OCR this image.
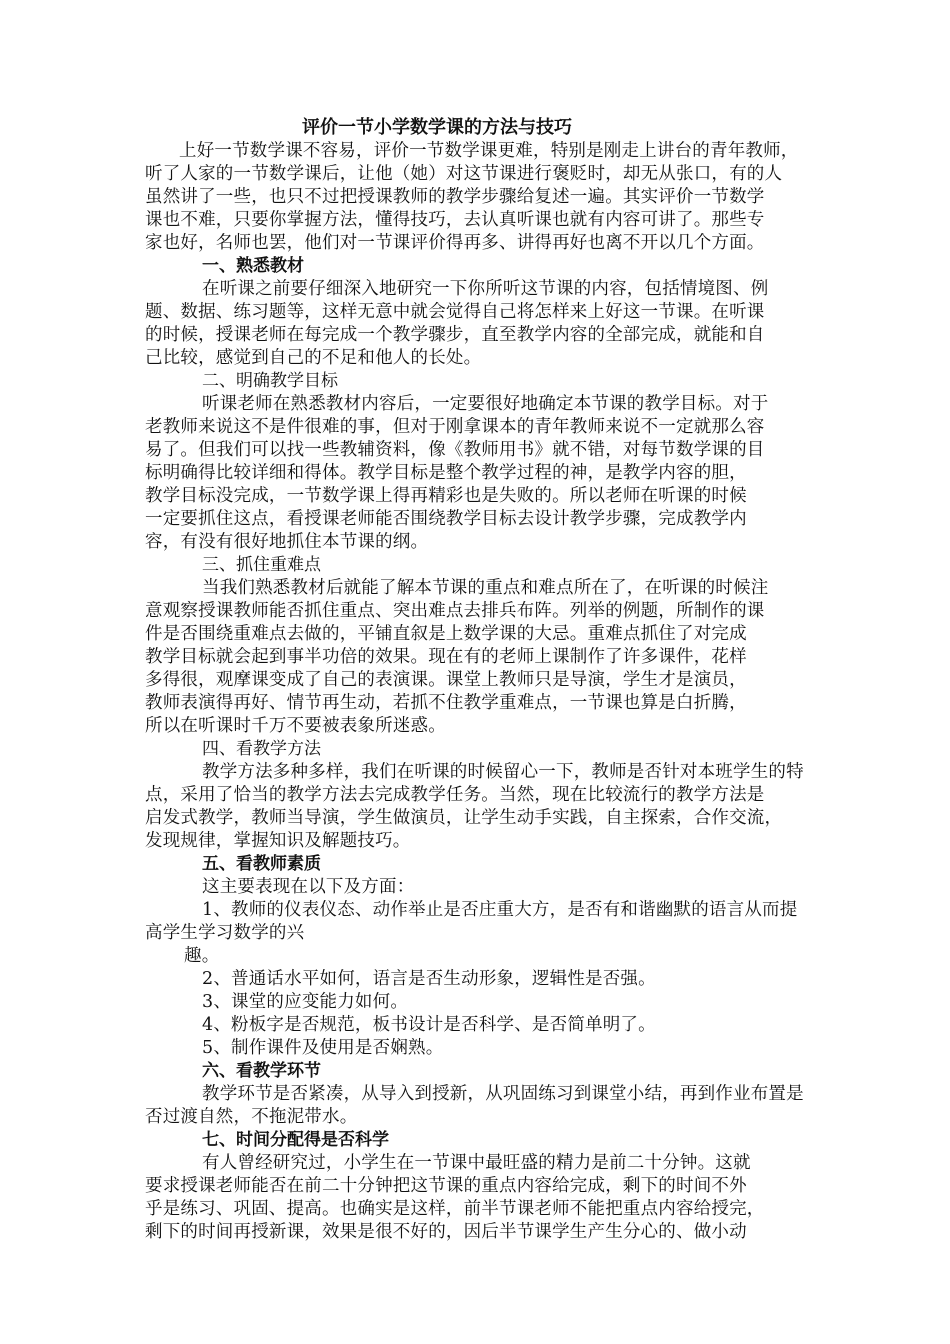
评价一节小学数学课的方法与技巧
上好一节数学课不容易，评价一节数学课更难，特别是刚走上讲台的青年教师，
听了人家的一节数学课后，让他（她）对这节课进行褒贬时，却无从张口，有的人
虽然讲了一些，也只不过把授课教师的教学步骤给复述一遍。其实评价一节数学
课也不难，只要你掌握方法，懂得技巧，去认真听课也就有内容可讲了。那些专
家也好，名师也罢，他们对一节课评价得再多、讲得再好也离不开以几个方面。
一、熟悉教材
在听课之前要仔细深入地研究一下你所听这节课的内容，包括情境图、例
题、数据、练习题等，这样无意中就会觉得自己将怎样来上好这一节课。在听课
的时候，授课老师在每完成一个教学骤步，直至教学内容的全部完成，就能和自
己比较，感觉到自己的不足和他人的长处。
二、明确教学目标
听课老师在熟悉教材内容后，一定要很好地确定本节课的教学目标。对于
老教师来说这不是件很难的事，但对于刚拿课本的青年教师来说不一定就那么容
易了。但我们可以找一些教辅资料，像《教师用书》就不错，对每节数学课的目
标明确得比较详细和得体。教学目标是整个教学过程的神，是教学内容的胆，
教学目标没完成，一节数学课上得再精彩也是失败的。所以老师在听课的时候
一定要抓住这点，看授课老师能否围绕教学目标去设计教学步骤，完成教学内
容，有没有很好地抓住本节课的纲。
三、抓住重难点
当我们熟悉教材后就能了解本节课的重点和难点所在了，在听课的时候注
意观察授课教师能否抓住重点、突出难点去排兵布阵。列举的例题，所制作的课
件是否围绕重难点去做的，平铺直叙是上数学课的大忌。重难点抓住了对完成
教学目标就会起到事半功倍的效果。现在有的老师上课制作了许多课件，花样
多得很，观摩课变成了自己的表演课。课堂上教师只是导演，学生才是演员，
教师表演得再好、情节再生动，若抓不住教学重难点，一节课也算是白折腾，
所以在听课时千万不要被表象所迷惑。
四、看教学方法
教学方法多种多样，我们在听课的时候留心一下，教师是否针对本班学生的特
点，采用了恰当的教学方法去完成教学任务。当然，现在比较流行的教学方法是
启发式教学，教师当导演，学生做演员，让学生动手实践，自主探索，合作交流，
发现规律，掌握知识及解题技巧。
五、看教师素质
这主要表现在以下及方面：
1、教师的仪表仪态、动作举止是否庄重大方，是否有和谐幽默的语言从而提
高学生学习数学的兴
趣。
2、普通话水平如何，语言是否生动形象，逻辑性是否强。
3、课堂的应变能力如何。
4、粉板字是否规范，板书设计是否科学、是否简单明了。
5、制作课件及使用是否娴熟。
六、看教学环节
教学环节是否紧凑，从导入到授新，从巩固练习到课堂小结，再到作业布置是
否过渡自然，不拖泥带水。
七、时间分配得是否科学
有人曾经研究过，小学生在一节课中最旺盛的精力是前二十分钟。这就
要求授课老师能否在前二十分钟把这节课的重点内容给完成，剩下的时间不外
乎是练习、巩固、提高。也确实是这样，前半节课老师不能把重点内容给授完，
剩下的时间再授新课，效果是很不好的，因后半节课学生产生分心的、做小动
